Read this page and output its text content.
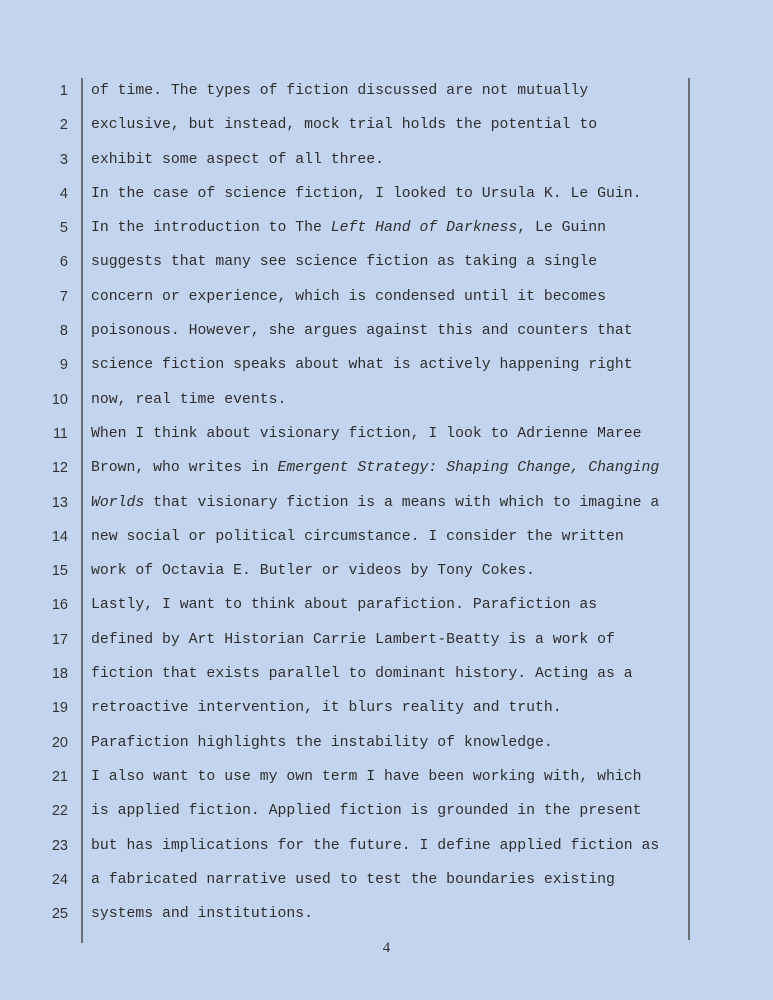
1 of time. The types of fiction discussed are not mutually
2 exclusive, but instead, mock trial holds the potential to
3 exhibit some aspect of all three.
4 In the case of science fiction, I looked to Ursula K. Le Guin.
5 In the introduction to The Left Hand of Darkness, Le Guinn
6 suggests that many see science fiction as taking a single
7 concern or experience, which is condensed until it becomes
8 poisonous. However, she argues against this and counters that
9 science fiction speaks about what is actively happening right
10 now, real time events.
11 When I think about visionary fiction, I look to Adrienne Maree
12 Brown, who writes in Emergent Strategy: Shaping Change, Changing
13 Worlds that visionary fiction is a means with which to imagine a
14 new social or political circumstance. I consider the written
15 work of Octavia E. Butler or videos by Tony Cokes.
16 Lastly, I want to think about parafiction. Parafiction as
17 defined by Art Historian Carrie Lambert-Beatty is a work of
18 fiction that exists parallel to dominant history. Acting as a
19 retroactive intervention, it blurs reality and truth.
20 Parafiction highlights the instability of knowledge.
21 I also want to use my own term I have been working with, which
22 is applied fiction. Applied fiction is grounded in the present
23 but has implications for the future. I define applied fiction as
24 a fabricated narrative used to test the boundaries existing
25 systems and institutions.
4
